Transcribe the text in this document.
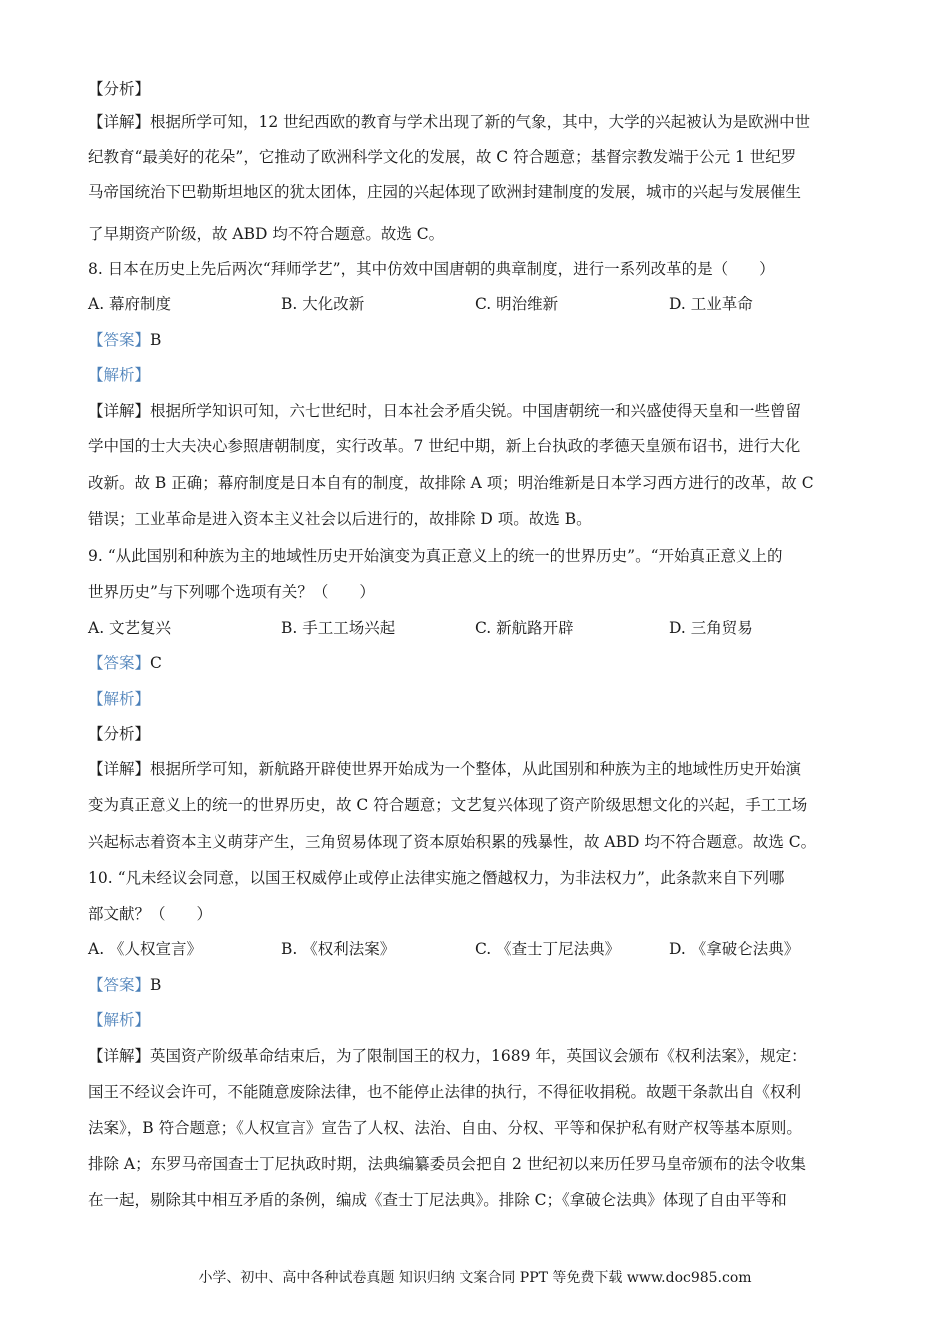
【分析】
【详解】根据所学可知，12 世纪西欧的教育与学术出现了新的气象，其中，大学的兴起被认为是欧洲中世
纪教育“最美好的花朵”，它推动了欧洲科学文化的发展，故 C 符合题意；基督宗教发端于公元 1 世纪罗
马帝国统治下巴勒斯坦地区的犹太团体，庄园的兴起体现了欧洲封建制度的发展，城市的兴起与发展催生
了早期资产阶级，故 ABD 均不符合题意。故选 C。
8. 日本在历史上先后两次“拜师学艺”，其中仿效中国唐朝的典章制度，进行一系列改革的是（　　）
【答案】B
【解析】
【详解】根据所学知识可知，六七世纪时，日本社会矛盾尖锐。中国唐朝统一和兴盛使得天皇和一些曾留
学中国的士大夫决心参照唐朝制度，实行改革。7 世纪中期，新上台执政的孝德天皇颁布诏书，进行大化
改新。故 B 正确；幕府制度是日本自有的制度，故排除 A 项；明治维新是日本学习西方进行的改革，故 C
错误；工业革命是进入资本主义社会以后进行的，故排除 D 项。故选 B。
9. “从此国别和种族为主的地域性历史开始演变为真正意义上的统一的世界历史”。“开始真正意义上的
世界历史”与下列哪个选项有关？（　　）
【答案】C
【解析】
【分析】
【详解】根据所学可知，新航路开辟使世界开始成为一个整体，从此国别和种族为主的地域性历史开始演
变为真正意义上的统一的世界历史，故 C 符合题意；文艺复兴体现了资产阶级思想文化的兴起，手工工场
兴起标志着资本主义萌芽产生，三角贸易体现了资本原始积累的残暴性，故 ABD 均不符合题意。故选 C。
10. “凡未经议会同意，以国王权威停止或停止法律实施之僭越权力，为非法权力”，此条款来自下列哪
部文献？（　　）
【答案】B
【解析】
【详解】英国资产阶级革命结束后，为了限制国王的权力，1689 年，英国议会颁布《权利法案》，规定：
国王不经议会许可，不能随意废除法律，也不能停止法律的执行，不得征收捐税。故题干条款出自《权利
法案》，B 符合题意；《人权宣言》宣告了人权、法治、自由、分权、平等和保护私有财产权等基本原则。
排除 A；东罗马帝国查士丁尼执政时期，法典编纂委员会把自 2 世纪初以来历任罗马皇帝颁布的法令收集
在一起，剔除其中相互矛盾的条例，编成《查士丁尼法典》。排除 C；《拿破仑法典》体现了自由平等和
A. 幕府制度	B. 大化改新	C. 明治维新	D. 工业革命
A. 文艺复兴	B. 手工工场兴起	C. 新航路开辟	D. 三角贸易
A. 《人权宣言》	B. 《权利法案》	C. 《查士丁尼法典》	D. 《拿破仑法典》
小学、初中、高中各种试卷真题 知识归纳 文案合同 PPT 等免费下载 www.doc985.com
